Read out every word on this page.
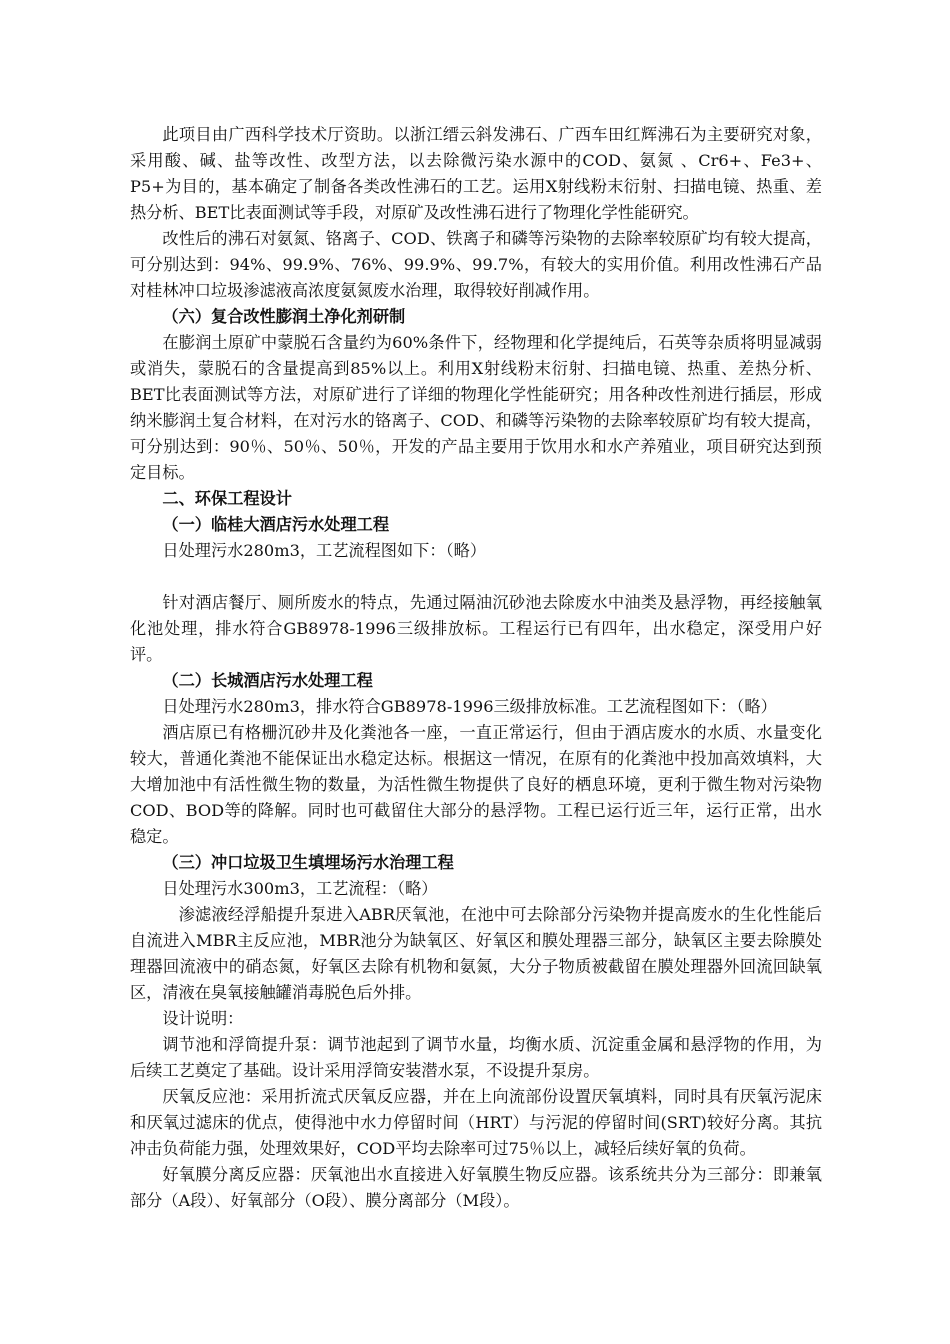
此项目由广西科学技术厅资助。以浙江缙云斜发沸石、广西车田红辉沸石为主要研究对象，采用酸、碱、盐等改性、改型方法，以去除微污染水源中的COD、氨氮 、Cr6+、Fe3+、P5+为目的，基本确定了制备各类改性沸石的工艺。运用X射线粉末衍射、扫描电镜、热重、差热分析、BET比表面测试等手段，对原矿及改性沸石进行了物理化学性能研究。

改性后的沸石对氨氮、铬离子、COD、铁离子和磷等污染物的去除率较原矿均有较大提高，可分别达到：94%、99.9%、76%、99.9%、99.7%，有较大的实用价值。利用改性沸石产品对桂林冲口垃圾渗滤液高浓度氨氮废水治理，取得较好削减作用。

（六）复合改性膨润土净化剂研制

在膨润土原矿中蒙脱石含量约为60%条件下，经物理和化学提纯后，石英等杂质将明显减弱或消失，蒙脱石的含量提高到85%以上。利用X射线粉末衍射、扫描电镜、热重、差热分析、BET比表面测试等方法，对原矿进行了详细的物理化学性能研究；用各种改性剂进行插层，形成纳米膨润土复合材料，在对污水的铬离子、COD、和磷等污染物的去除率较原矿均有较大提高，可分别达到：90％、50％、50％，开发的产品主要用于饮用水和水产养殖业，项目研究达到预定目标。

二、环保工程设计

（一）临桂大酒店污水处理工程

日处理污水280m3，工艺流程图如下：（略）

针对酒店餐厅、厕所废水的特点，先通过隔油沉砂池去除废水中油类及悬浮物，再经接触氧化池处理，排水符合GB8978-1996三级排放标。工程运行已有四年，出水稳定，深受用户好评。

（二）长城酒店污水处理工程

日处理污水280m3，排水符合GB8978-1996三级排放标准。工艺流程图如下：（略）

酒店原已有格栅沉砂井及化粪池各一座，一直正常运行，但由于酒店废水的水质、水量变化较大，普通化粪池不能保证出水稳定达标。根据这一情况，在原有的化粪池中投加高效填料，大大增加池中有活性微生物的数量，为活性微生物提供了良好的栖息环境，更利于微生物对污染物COD、BOD等的降解。同时也可截留住大部分的悬浮物。工程已运行近三年，运行正常，出水稳定。

（三）冲口垃圾卫生填埋场污水治理工程

日处理污水300m3，工艺流程：（略）

渗滤液经浮船提升泵进入ABR厌氧池，在池中可去除部分污染物并提高废水的生化性能后自流进入MBR主反应池，MBR池分为缺氧区、好氧区和膜处理器三部分，缺氧区主要去除膜处理器回流液中的硝态氮，好氧区去除有机物和氨氮，大分子物质被截留在膜处理器外回流回缺氧区，清液在臭氧接触罐消毒脱色后外排。

设计说明：

调节池和浮筒提升泵：调节池起到了调节水量，均衡水质、沉淀重金属和悬浮物的作用，为后续工艺奠定了基础。设计采用浮筒安装潜水泵，不设提升泵房。

厌氧反应池：采用折流式厌氧反应器，并在上向流部份设置厌氧填料，同时具有厌氧污泥床和厌氧过滤床的优点，使得池中水力停留时间（HRT）与污泥的停留时间(SRT)较好分离。其抗冲击负荷能力强，处理效果好，COD平均去除率可过75％以上，减轻后续好氧的负荷。

好氧膜分离反应器：厌氧池出水直接进入好氧膜生物反应器。该系统共分为三部分：即兼氧部分（A段）、好氧部分（O段）、膜分离部分（M段）。
